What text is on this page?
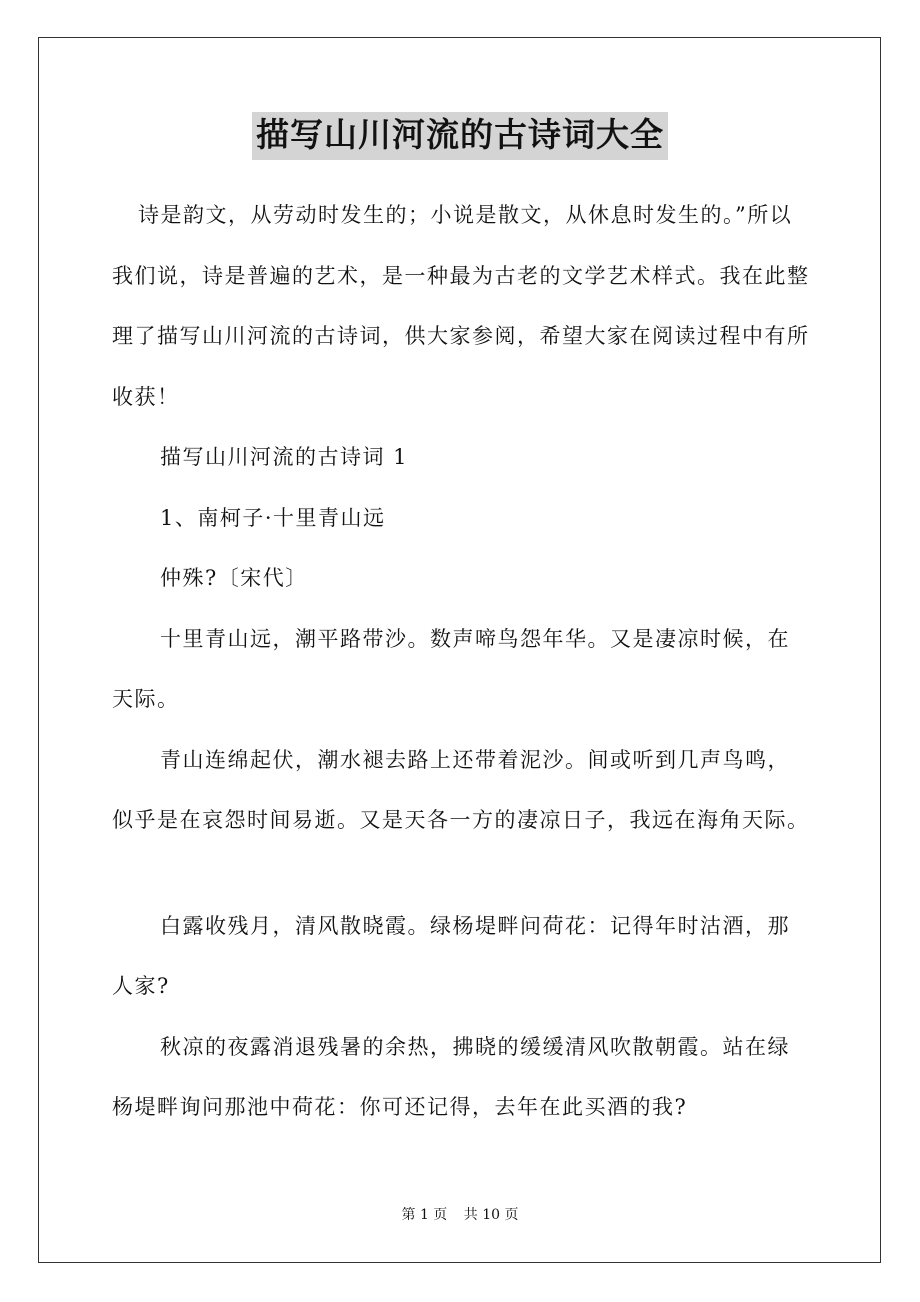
描写山川河流的古诗词大全

诗是韵文，从劳动时发生的；小说是散文，从休息时发生的。”所以我们说，诗是普遍的艺术，是一种最为古老的文学艺术样式。我在此整理了描写山川河流的古诗词，供大家参阅，希望大家在阅读过程中有所收获！

描写山川河流的古诗词 1

1、南柯子·十里青山远

仲殊?〔宋代〕

十里青山远，潮平路带沙。数声啼鸟怨年华。又是凄凉时候，在天际。

青山连绵起伏，潮水褪去路上还带着泥沙。间或听到几声鸟鸣，似乎是在哀怨时间易逝。又是天各一方的凄凉日子，我远在海角天际。

白露收残月，清风散晓霞。绿杨堤畔问荷花：记得年时沽酒，那人家?

秋凉的夜露消退残暑的余热，拂晓的缓缓清风吹散朝霞。站在绿杨堤畔询问那池中荷花：你可还记得，去年在此买酒的我?

第 1 页 共 10 页
